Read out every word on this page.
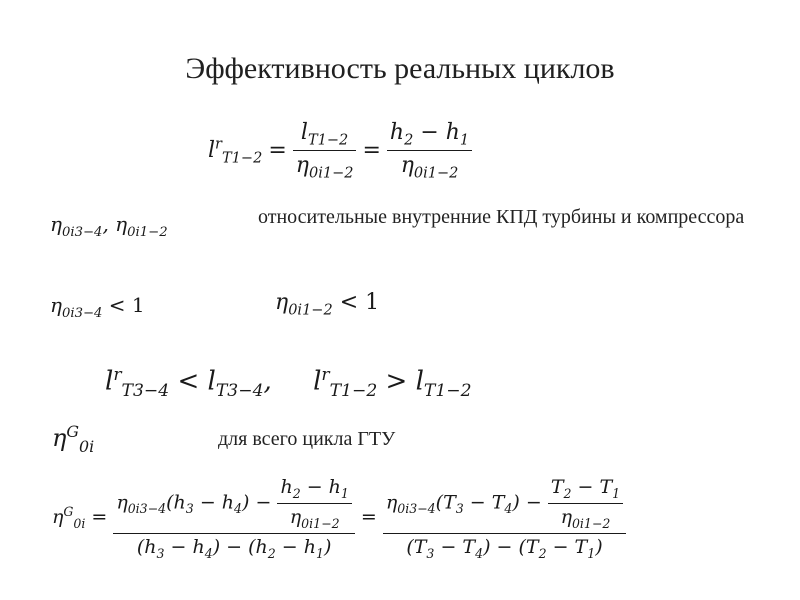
Эффективность реальных циклов
$l^r_{T1-2} = \frac{l_{T1-2}}{\eta_{0i1-2}} = \frac{h_2 - h_1}{\eta_{0i1-2}}$
$\eta_{0i3-4}$, $\eta_{0i1-2}$
относительные внутренние КПД турбины и компрессора
$\eta_{0i3-4} < 1$	$\eta_{0i1-2} < 1$
$l^r_{T3-4} < l_{T3-4}$,     $l^r_{T1-2} > l_{T1-2}$
$\eta^G_{0i}$	для всего цикла ГТУ
$\eta^G_{0i} = \frac{\eta_{0i3-4}(h_3 - h_4) - \frac{h_2 - h_1}{\eta_{0i1-2}}}{(h_3 - h_4) - (h_2 - h_1)} = \frac{\eta_{0i3-4}(T_3 - T_4) - \frac{T_2 - T_1}{\eta_{0i1-2}}}{(T_3 - T_4) - (T_2 - T_1)}$
